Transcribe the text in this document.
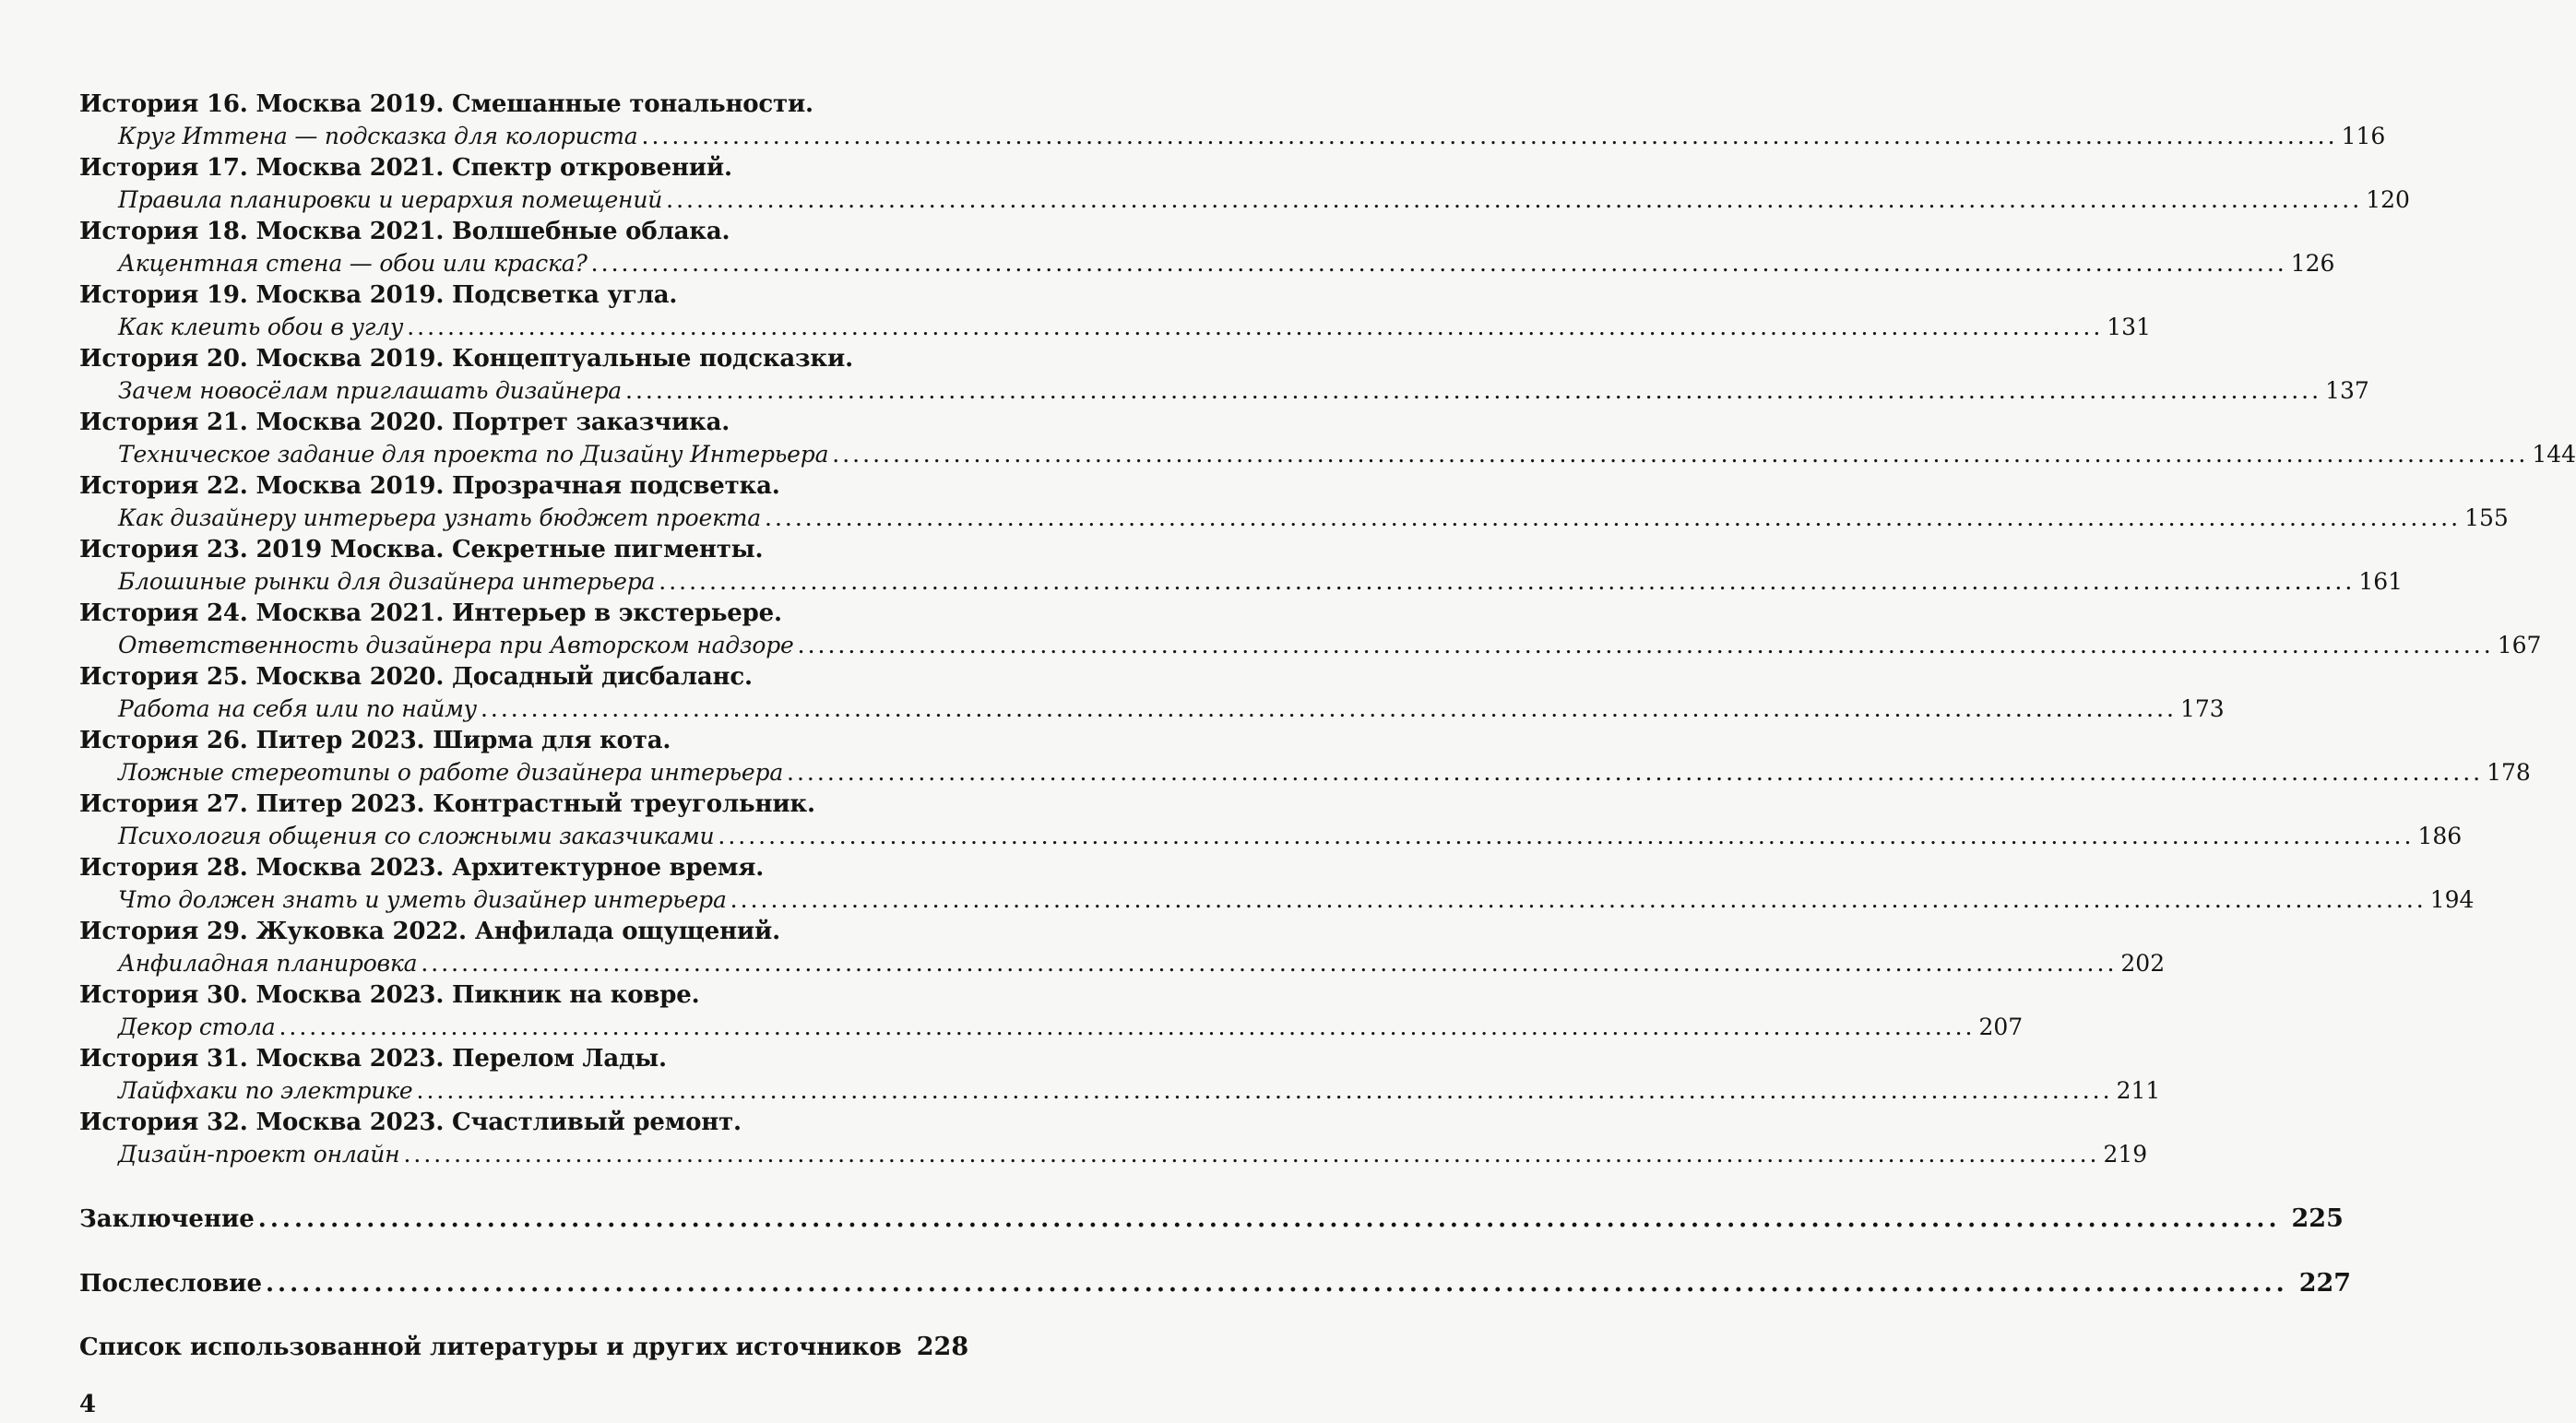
История 16. Москва 2019. Смешанные тональности.
Круг Иттена — подсказка для колориста .....	116
История 17. Москва 2021. Спектр откровений.
Правила планировки и иерархия помещений .....	120
История 18. Москва 2021. Волшебные облака.
Акцентная стена — обои или краска? .....	126
История 19. Москва 2019. Подсветка угла.
Как клеить обои в углу .....	131
История 20. Москва 2019. Концептуальные подсказки.
Зачем новосёлам приглашать дизайнера .....	137
История 21. Москва 2020. Портрет заказчика.
Техническое задание для проекта по Дизайну Интерьера .....	144
История 22. Москва 2019. Прозрачная подсветка.
Как дизайнеру интерьера узнать бюджет проекта .....	155
История 23. 2019 Москва. Секретные пигменты.
Блошиные рынки для дизайнера интерьера .....	161
История 24. Москва 2021. Интерьер в экстерьере.
Ответственность дизайнера при Авторском надзоре .....	167
История 25. Москва 2020. Досадный дисбаланс.
Работа на себя или по найму .....	173
История 26. Питер 2023. Ширма для кота.
Ложные стереотипы о работе дизайнера интерьера .....	178
История 27. Питер 2023. Контрастный треугольник.
Психология общения со сложными заказчиками .....	186
История 28. Москва 2023. Архитектурное время.
Что должен знать и уметь дизайнер интерьера .....	194
История 29. Жуковка 2022. Анфилада ощущений.
Анфиладная планировка .....	202
История 30. Москва 2023. Пикник на ковре.
Декор стола .....	207
История 31. Москва 2023. Перелом Лады.
Лайфхаки по электрике .....	211
История 32. Москва 2023. Счастливый ремонт.
Дизайн-проект онлайн .....	219
Заключение .....	225
Послесловие .....	227
Список использованной литературы и других источников 228
4
